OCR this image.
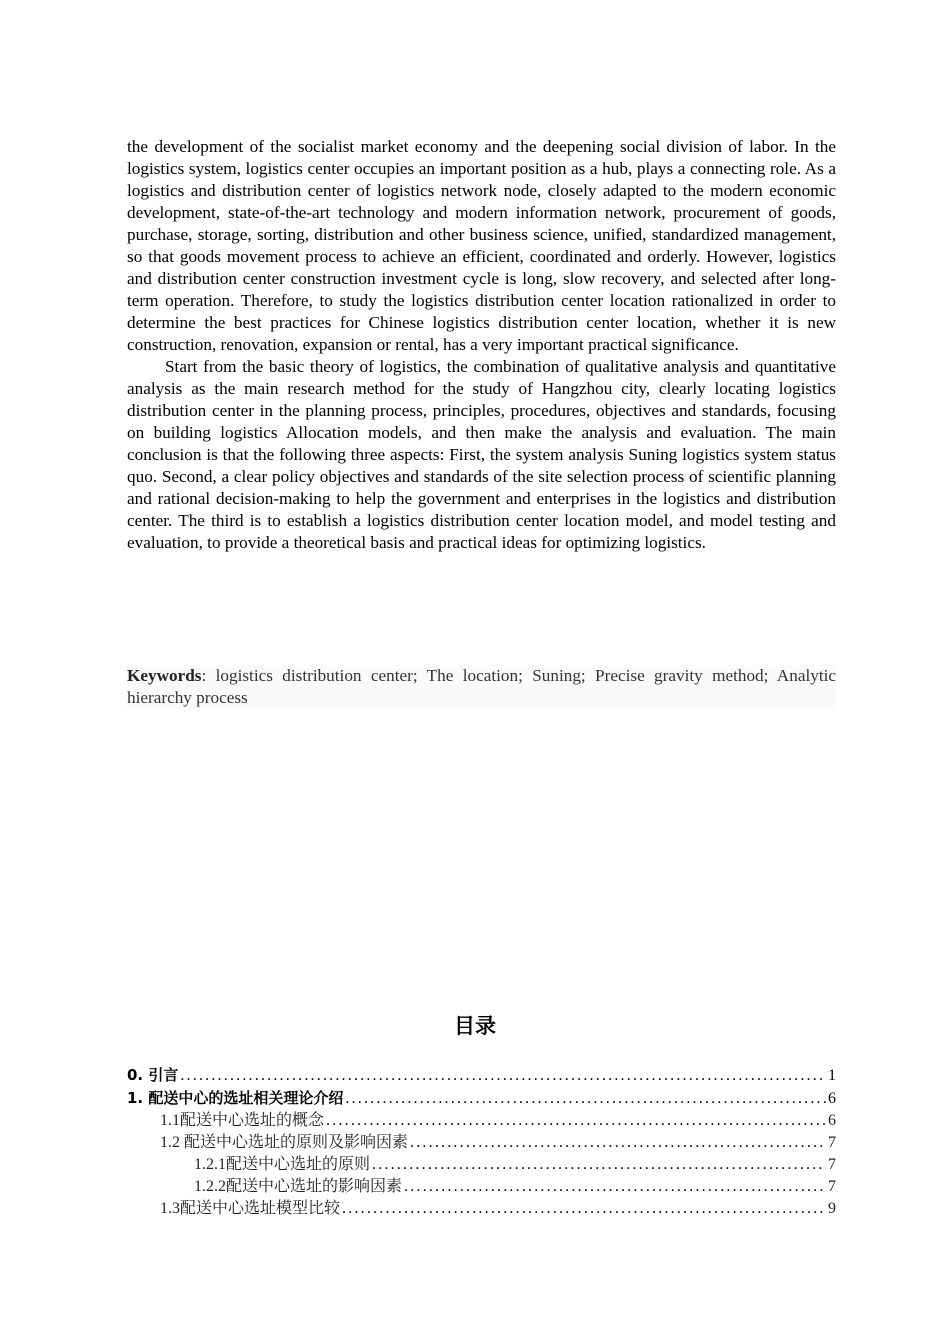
the development of the socialist market economy and the deepening social division of labor. In the logistics system, logistics center occupies an important position as a hub, plays a connecting role. As a logistics and distribution center of logistics network node, closely adapted to the modern economic development, state-of-the-art technology and modern information network, procurement of goods, purchase, storage, sorting, distribution and other business science, unified, standardized management, so that goods movement process to achieve an efficient, coordinated and orderly. However, logistics and distribution center construction investment cycle is long, slow recovery, and selected after long-term operation. Therefore, to study the logistics distribution center location rationalized in order to determine the best practices for Chinese logistics distribution center location, whether it is new construction, renovation, expansion or rental, has a very important practical significance.

Start from the basic theory of logistics, the combination of qualitative analysis and quantitative analysis as the main research method for the study of Hangzhou city, clearly locating logistics distribution center in the planning process, principles, procedures, objectives and standards, focusing on building logistics Allocation models, and then make the analysis and evaluation. The main conclusion is that the following three aspects: First, the system analysis Suning logistics system status quo. Second, a clear policy objectives and standards of the site selection process of scientific planning and rational decision-making to help the government and enterprises in the logistics and distribution center. The third is to establish a logistics distribution center location model, and model testing and evaluation, to provide a theoretical basis and practical ideas for optimizing logistics.

Keywords: logistics distribution center; The location; Suning; Precise gravity method; Analytic hierarchy process
目录
0. 引言 .....	1
1. 配送中心的选址相关理论介绍 .....	6
1.1配送中心选址的概念 .....	6
1.2 配送中心选址的原则及影响因素 .....	7
1.2.1配送中心选址的原则 .....	7
1.2.2配送中心选址的影响因素 .....	7
1.3配送中心选址模型比较 .....	9
